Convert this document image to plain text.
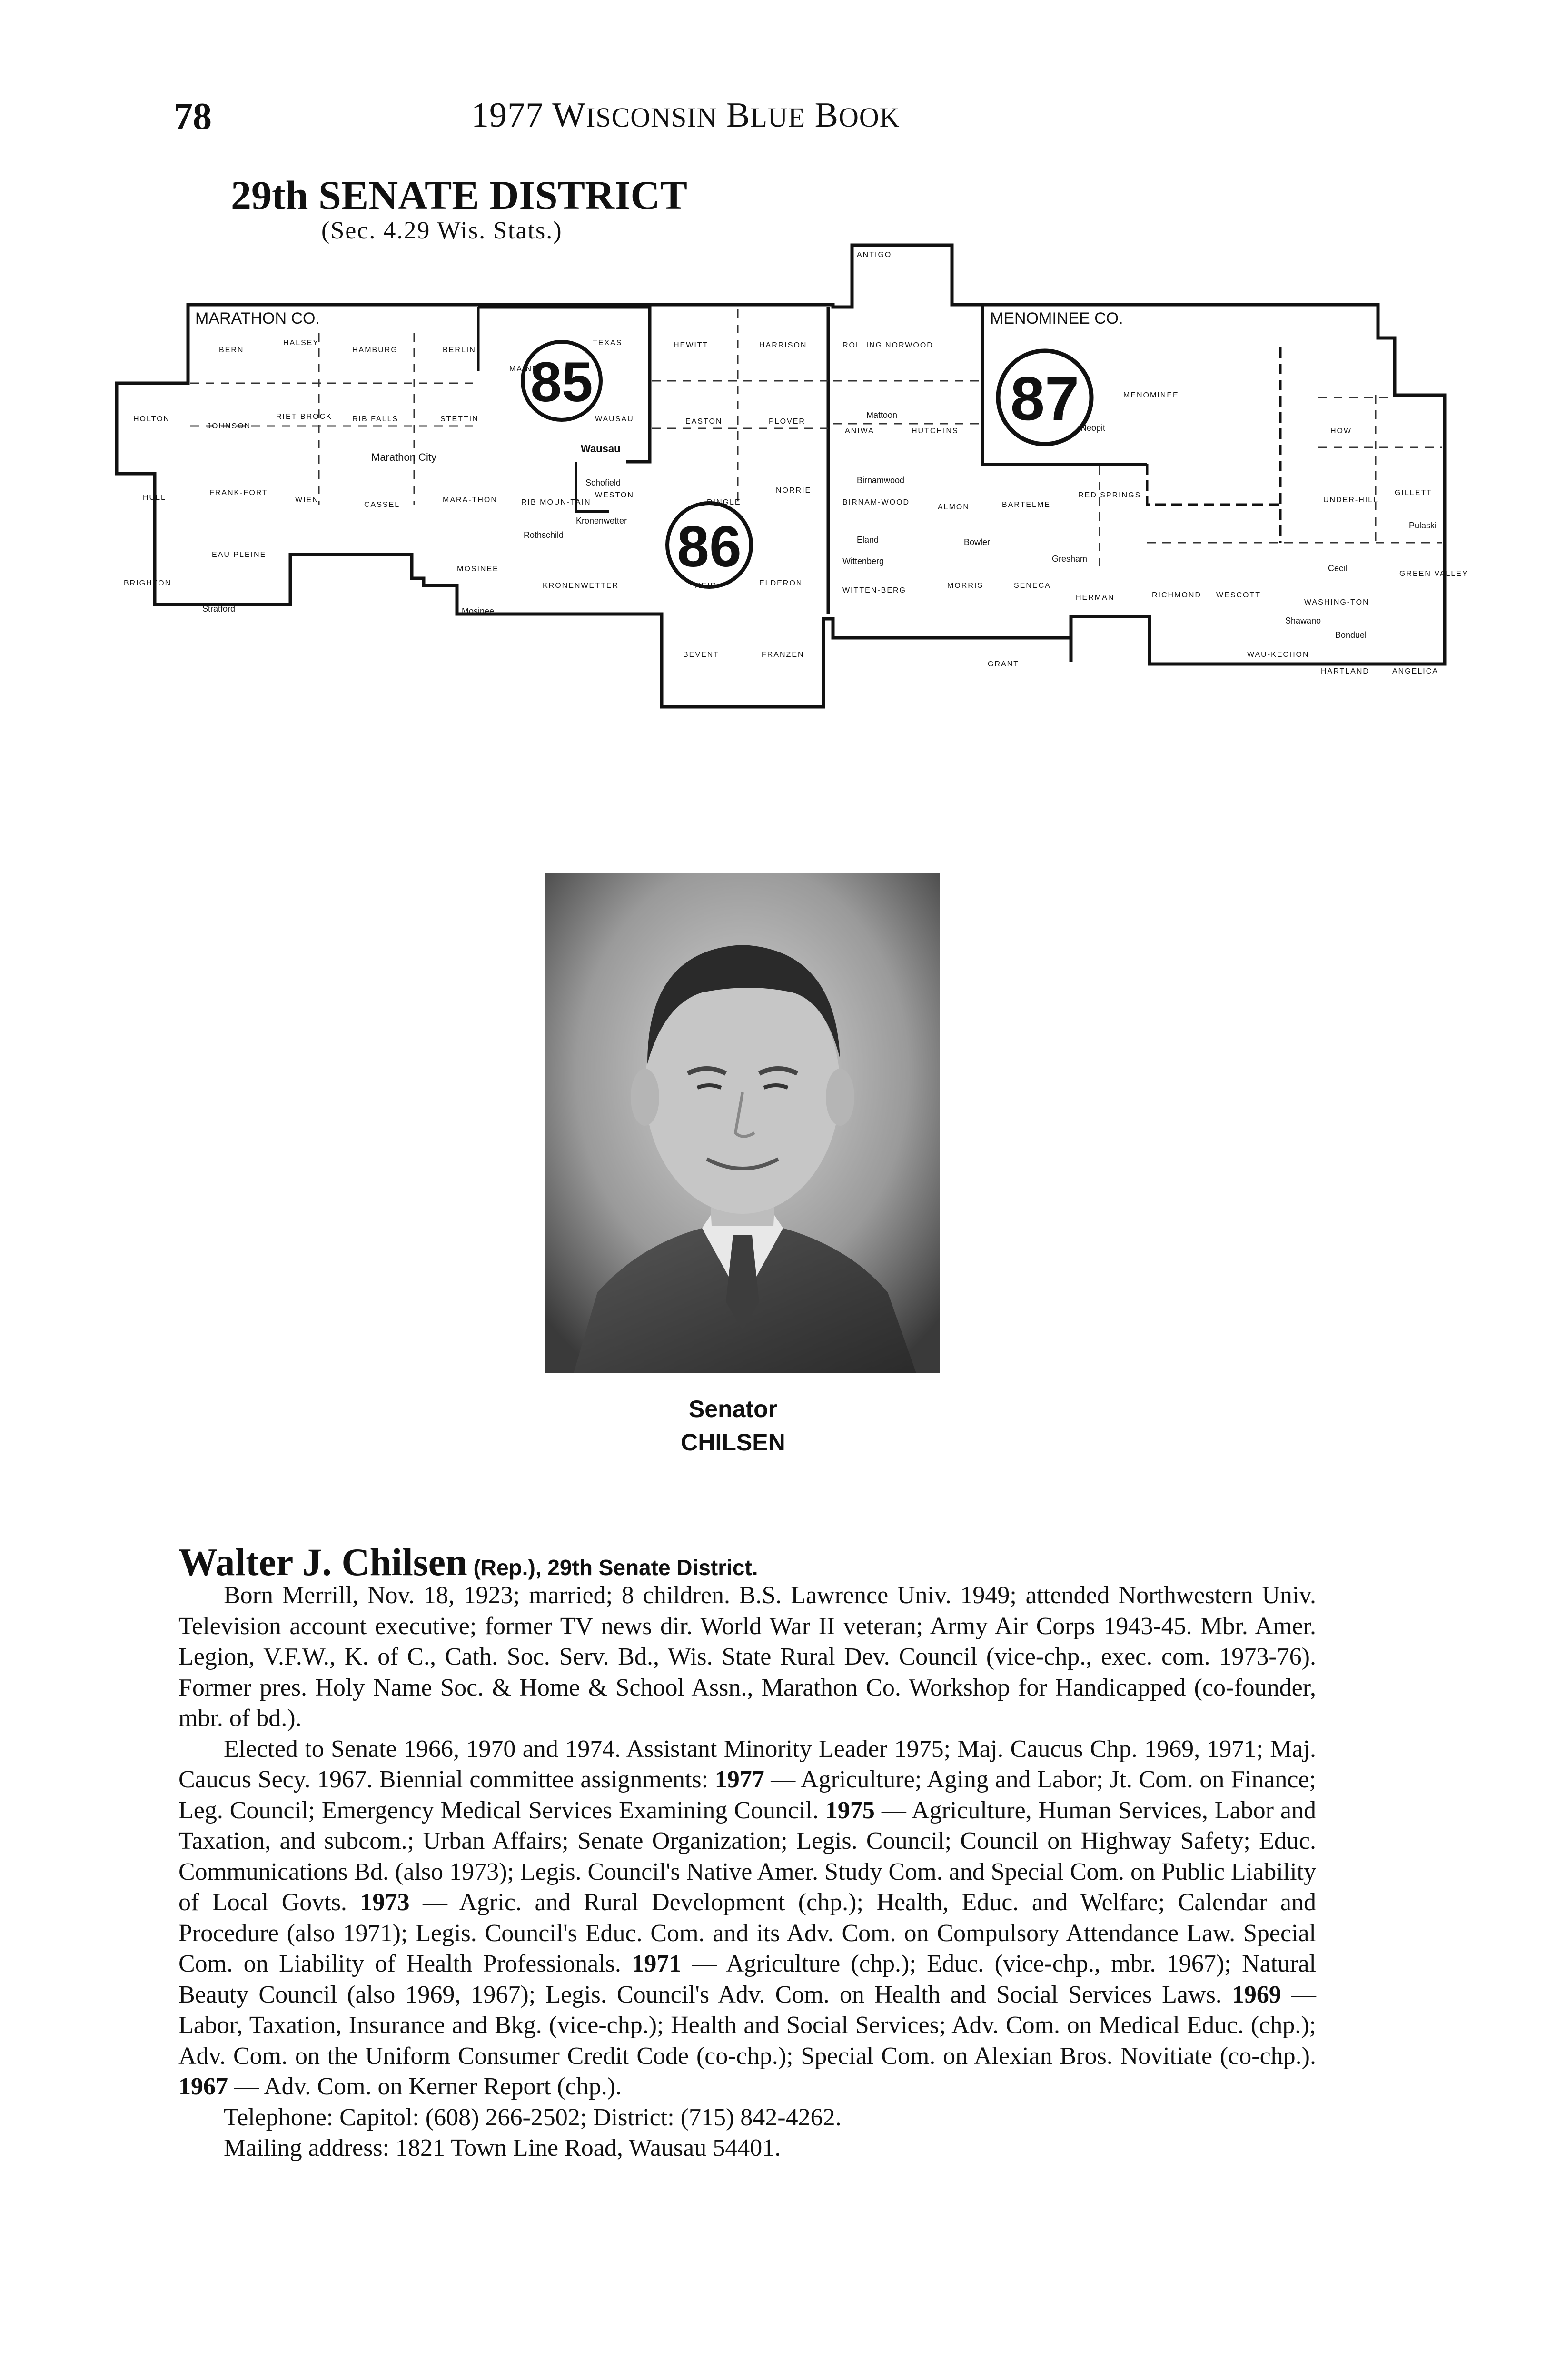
78	1977 WISCONSIN BLUE BOOK
29th SENATE DISTRICT
(Sec. 4.29 Wis. Stats.)
85	87
86
MARATHON CO.	MENOMINEE CO.
ANTIGO
BERN
HALSEY
HAMBURG	BERLIN
TEXAS
MAINE
HEWITT	HARRISON	ROLLING NORWOOD
HOLTON
JOHNSON
RIET-BROCK	RIB FALLS	STETTIN	WAUSAU	EASTON	PLOVER
ANIWA	HUTCHINS
MENOMINEE
Marathon City
Wausau
Schofield
WESTON
RINGLE
NORRIE
HULL
FRANK-FORT
WIEN
CASSEL
MARA-THON	RIB MOUN-TAIN	BIRNAM-WOOD
ALMON	BARTELME
RED SPRINGS
UNDER-HILL
GILLETT
HOW
EAU PLEINE
BRIGHTON
MOSINEE
KRONENWETTER	REID	ELDERON
WITTEN-BERG
MORRIS	SENECA
HERMAN	RICHMOND WESCOTT
GREEN VALLEY
WASHING-TON
WAU-KECHON
HARTLAND	ANGELICA
BEVENT	FRANZEN
GRANT
Gresham
Neopit
Mattoon
Stratford
Bonduel
Shawano
Birnamwood
Eland	Bowler
Wittenberg
Mosinee
Rothschild
Kronenwetter
Cecil
Pulaski
Senator
CHILSEN
Walter J. Chilsen (Rep.), 29th Senate District.

Born Merrill, Nov. 18, 1923; married; 8 children. B.S. Lawrence Univ. 1949; attended Northwestern Univ. Television account executive; former TV news dir. World War II veteran; Army Air Corps 1943-45. Mbr. Amer. Legion, V.F.W., K. of C., Cath. Soc. Serv. Bd., Wis. State Rural Dev. Council (vice-chp., exec. com. 1973-76). Former pres. Holy Name Soc. & Home & School Assn., Marathon Co. Workshop for Handicapped (co-founder, mbr. of bd.).

Elected to Senate 1966, 1970 and 1974. Assistant Minority Leader 1975; Maj. Caucus Chp. 1969, 1971; Maj. Caucus Secy. 1967. Biennial committee assignments: 1977 — Agriculture; Aging and Labor; Jt. Com. on Finance; Leg. Council; Emergency Medical Services Examining Council. 1975 — Agriculture, Human Services, Labor and Taxation, and subcom.; Urban Affairs; Senate Organization; Legis. Council; Council on Highway Safety; Educ. Communications Bd. (also 1973); Legis. Council's Native Amer. Study Com. and Special Com. on Public Liability of Local Govts. 1973 — Agric. and Rural Development (chp.); Health, Educ. and Welfare; Calendar and Procedure (also 1971); Legis. Council's Educ. Com. and its Adv. Com. on Compulsory Attendance Law. Special Com. on Liability of Health Professionals. 1971 — Agriculture (chp.); Educ. (vice-chp., mbr. 1967); Natural Beauty Council (also 1969, 1967); Legis. Council's Adv. Com. on Health and Social Services Laws. 1969 — Labor, Taxation, Insurance and Bkg. (vice-chp.); Health and Social Services; Adv. Com. on Medical Educ. (chp.); Adv. Com. on the Uniform Consumer Credit Code (co-chp.); Special Com. on Alexian Bros. Novitiate (co-chp.). 1967 — Adv. Com. on Kerner Report (chp.).

Telephone: Capitol: (608) 266-2502; District: (715) 842-4262.

Mailing address: 1821 Town Line Road, Wausau 54401.
